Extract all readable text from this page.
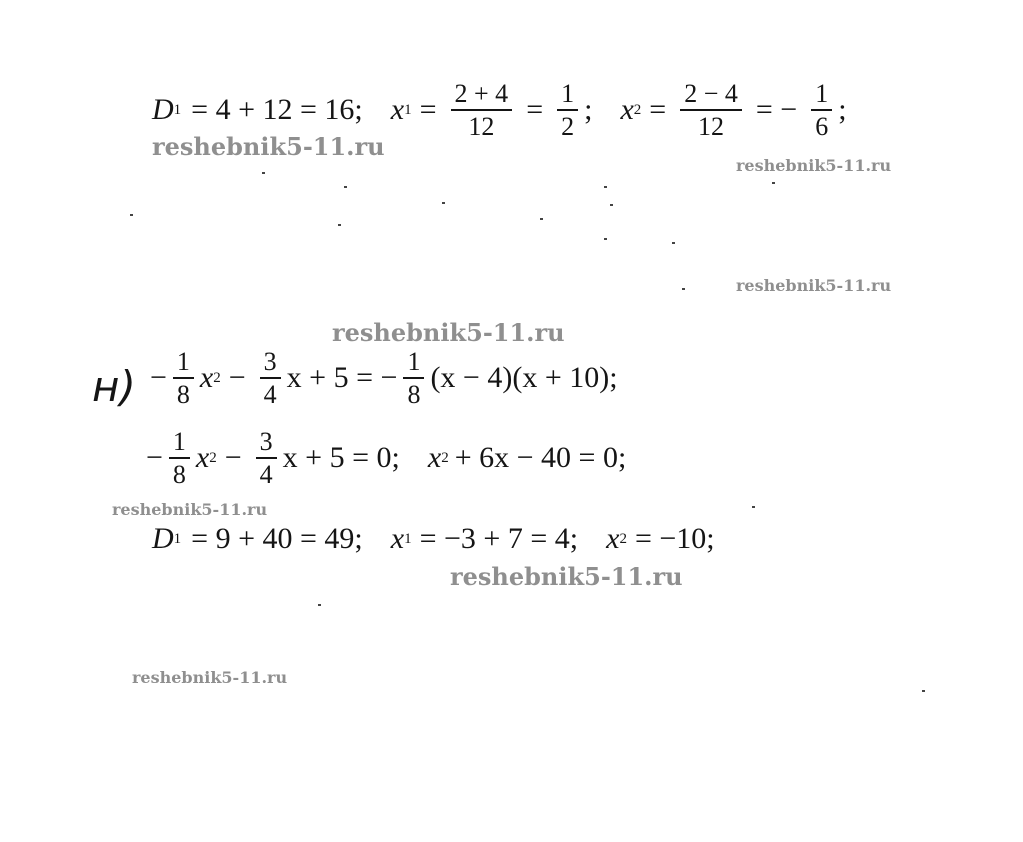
D 1 = 4 + 12 = 16; x $1 = \frac{2 + 4}{12} = \frac{1}{2}$ ; x $2 = \frac{2 - 4}{12}$ = − $\frac{1}{6}$ ;
$н) - \frac{1}{8}$ x $2 - \frac{3}{4}$ x + 5 = − $\frac{1}{8} (x - 4)(x + 10)$;
− $\frac{1}{8}$ x $2 - \frac{3}{4}$ x + 5 = 0; x 2 + 6x − 40 = 0;
D 1 = 9 + 40 = 49; x 1 = −3 + 7 = 4; x 2 = −10;
reshebnik5-11.ru
reshebnik5-11.ru
reshebnik5-11.ru
reshebnik5-11.ru
reshebnik5-11.ru
reshebnik5-11.ru
reshebnik5-11.ru
